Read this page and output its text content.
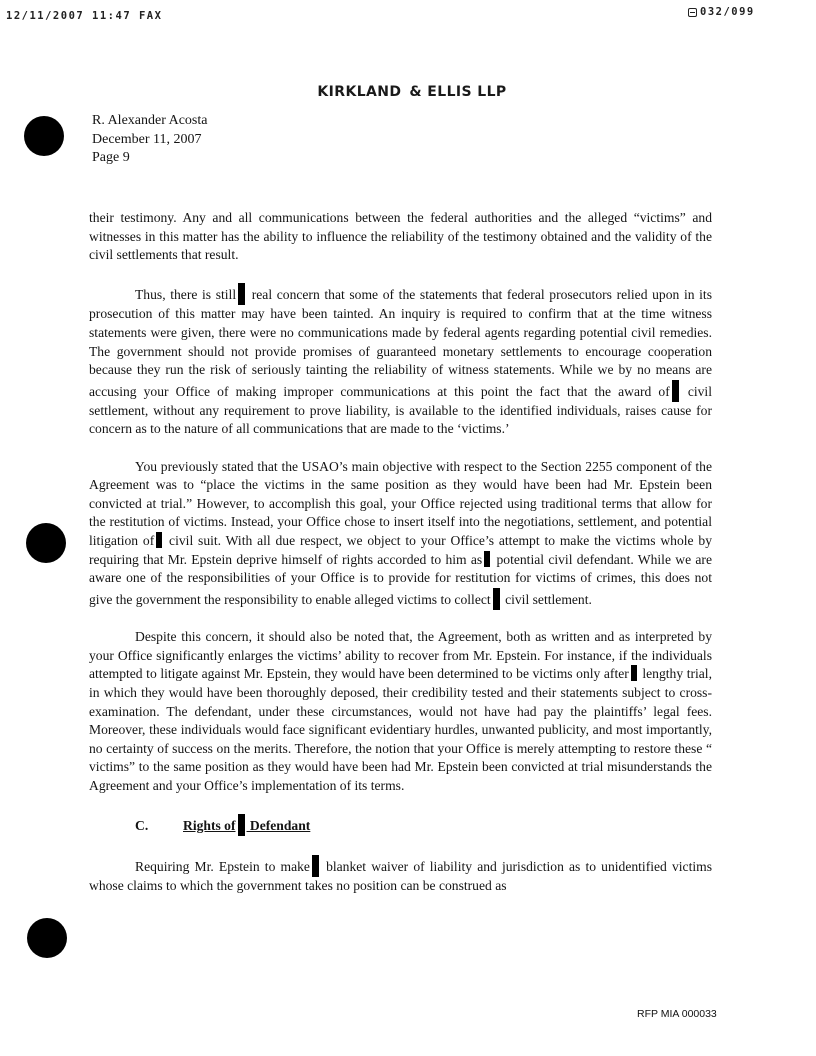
12/11/2007 11:47 FAX	032/099
KIRKLAND & ELLIS LLP
R. Alexander Acosta
December 11, 2007
Page 9

their testimony. Any and all communications between the federal authorities and the alleged “victims” and witnesses in this matter has the ability to influence the reliability of the testimony obtained and the validity of the civil settlements that result.

Thus, there is still real concern that some of the statements that federal prosecutors relied upon in its prosecution of this matter may have been tainted. An inquiry is required to confirm that at the time witness statements were given, there were no communications made by federal agents regarding potential civil remedies. The government should not provide promises of guaranteed monetary settlements to encourage cooperation because they run the risk of seriously tainting the reliability of witness statements. While we by no means are accusing your Office of making improper communications at this point the fact that the award of civil settlement, without any requirement to prove liability, is available to the identified individuals, raises cause for concern as to the nature of all communications that are made to the ‘victims.’

You previously stated that the USAO’s main objective with respect to the Section 2255 component of the Agreement was to “place the victims in the same position as they would have been had Mr. Epstein been convicted at trial.” However, to accomplish this goal, your Office rejected using traditional terms that allow for the restitution of victims. Instead, your Office chose to insert itself into the negotiations, settlement, and potential litigation of civil suit. With all due respect, we object to your Office’s attempt to make the victims whole by requiring that Mr. Epstein deprive himself of rights accorded to him as potential civil defendant. While we are aware one of the responsibilities of your Office is to provide for restitution for victims of crimes, this does not give the government the responsibility to enable alleged victims to collect civil settlement.

Despite this concern, it should also be noted that, the Agreement, both as written and as interpreted by your Office significantly enlarges the victims’ ability to recover from Mr. Epstein. For instance, if the individuals attempted to litigate against Mr. Epstein, they would have been determined to be victims only after lengthy trial, in which they would have been thoroughly deposed, their credibility tested and their statements subject to cross-examination. The defendant, under these circumstances, would not have had pay the plaintiffs’ legal fees. Moreover, these individuals would face significant evidentiary hurdles, unwanted publicity, and most importantly, no certainty of success on the merits. Therefore, the notion that your Office is merely attempting to restore these “ victims” to the same position as they would have been had Mr. Epstein been convicted at trial misunderstands the Agreement and your Office’s implementation of its terms.

C.	Rights of Defendant

Requiring Mr. Epstein to make blanket waiver of liability and jurisdiction as to unidentified victims whose claims to which the government takes no position can be construed as

RFP MIA 000033
